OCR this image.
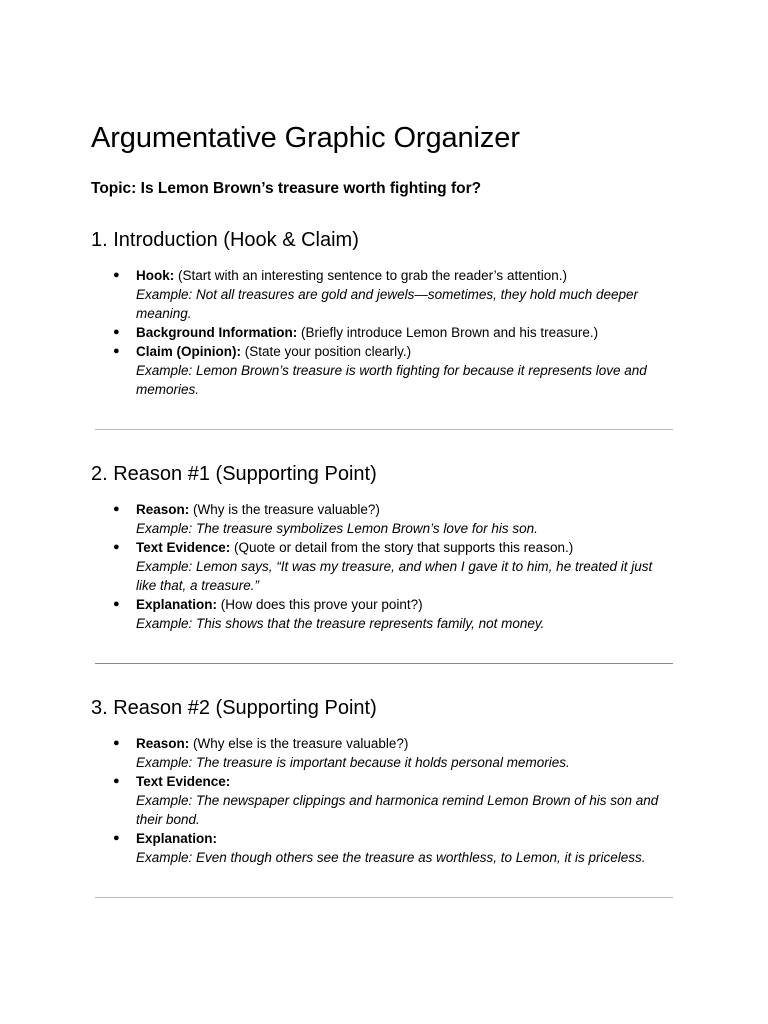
Argumentative Graphic Organizer

Topic: Is Lemon Brown’s treasure worth fighting for?

1. Introduction (Hook & Claim)
● Hook: (Start with an interesting sentence to grab the reader’s attention.)
Example: Not all treasures are gold and jewels—sometimes, they hold much deeper meaning.
● Background Information: (Briefly introduce Lemon Brown and his treasure.)
● Claim (Opinion): (State your position clearly.)
Example: Lemon Brown’s treasure is worth fighting for because it represents love and memories.
2. Reason #1 (Supporting Point)
● Reason: (Why is the treasure valuable?)
Example: The treasure symbolizes Lemon Brown’s love for his son.
● Text Evidence: (Quote or detail from the story that supports this reason.)
Example: Lemon says, “It was my treasure, and when I gave it to him, he treated it just like that, a treasure.”
● Explanation: (How does this prove your point?)
Example: This shows that the treasure represents family, not money.
3. Reason #2 (Supporting Point)
● Reason: (Why else is the treasure valuable?)
Example: The treasure is important because it holds personal memories.
● Text Evidence:
Example: The newspaper clippings and harmonica remind Lemon Brown of his son and their bond.
● Explanation:
Example: Even though others see the treasure as worthless, to Lemon, it is priceless.
